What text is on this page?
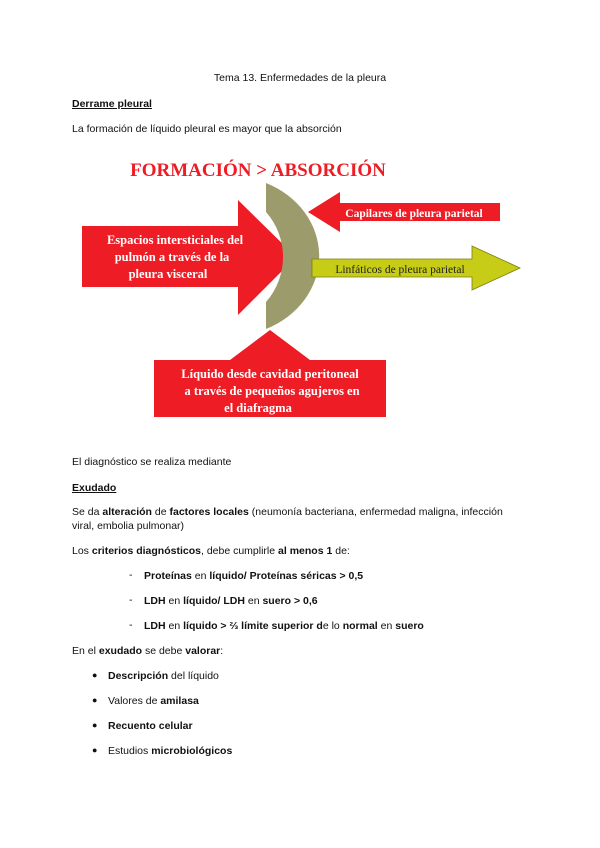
Tema 13. Enfermedades de la pleura
Derrame pleural
La formación de líquido pleural es mayor que la absorción
FORMACIÓN > ABSORCIÓN
Espacios intersticiales del
pulmón a través de la
pleura visceral
Capilares de pleura parietal
Linfáticos de pleura parietal
Líquido desde cavidad peritoneal
a través de pequeños agujeros en
el diafragma
El diagnóstico se realiza mediante
Exudado
Se da alteración de factores locales (neumonía bacteriana, enfermedad maligna, infección
viral, embolia pulmonar)
Los criterios diagnósticos, debe cumplirle al menos 1 de:
- Proteínas en líquido/ Proteínas séricas > 0,5
- LDH en líquido/ LDH en suero > 0,6
- LDH en líquido > ⅔ límite superior de lo normal en suero
En el exudado se debe valorar:
● Descripción del líquido
● Valores de amilasa
● Recuento celular
● Estudios microbiológicos
